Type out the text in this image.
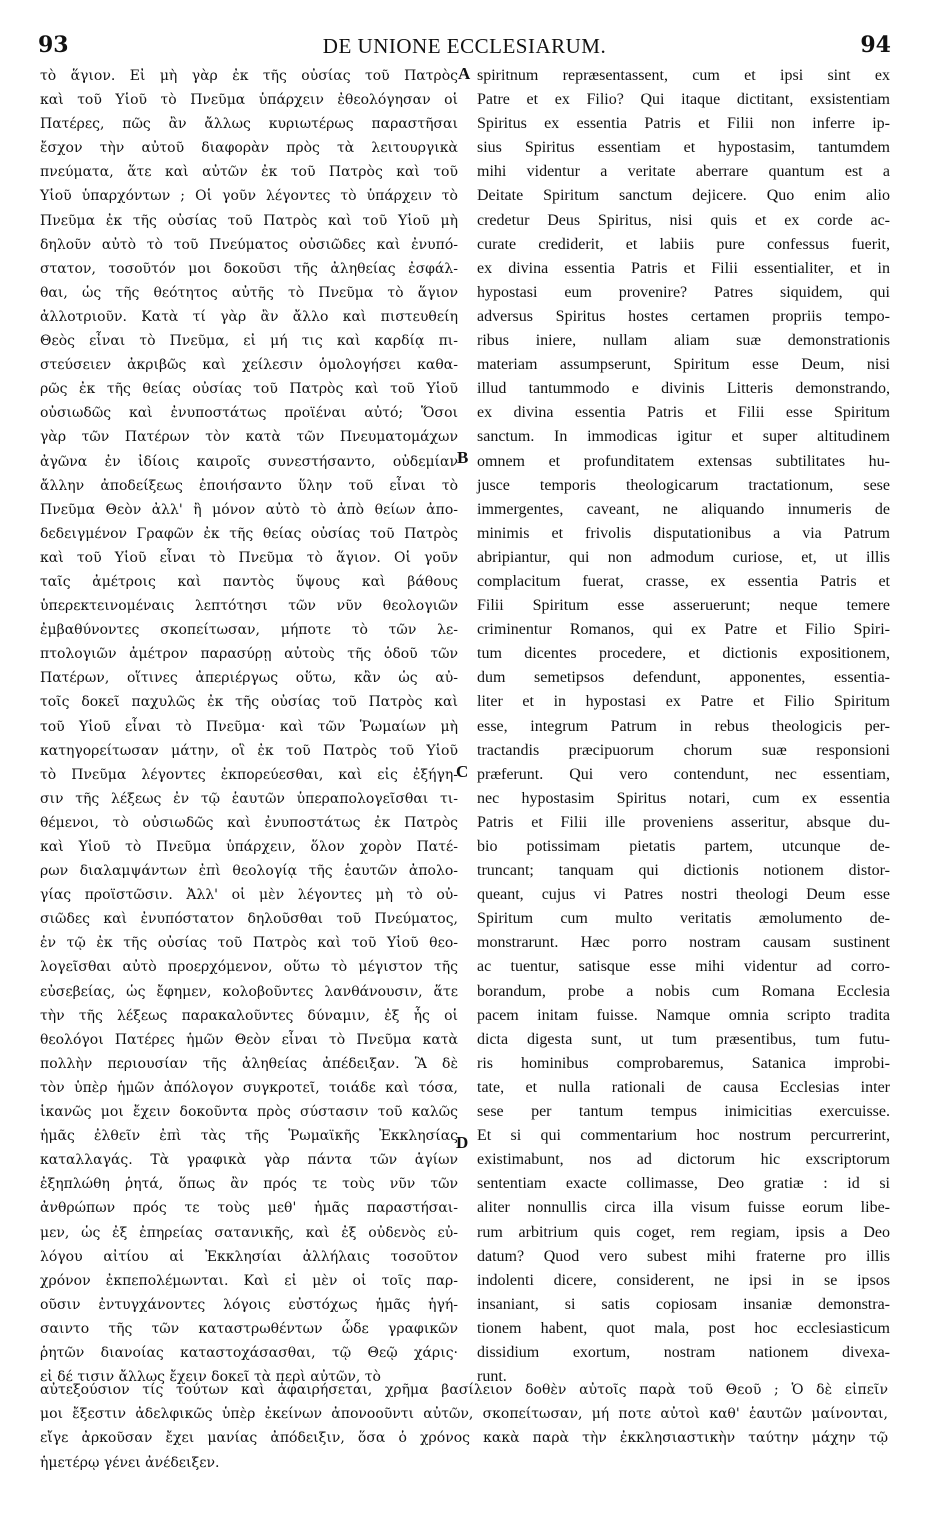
93	DE UNIONE ECCLESIARUM.	94
τὸ ἅγιον. Εἰ μὴ γὰρ ἐκ τῆς οὐσίας τοῦ Πατρὸς
καὶ τοῦ Υἱοῦ τὸ Πνεῦμα ὑπάρχειν ἐθεολόγησαν οἱ
Πατέρες, πῶς ἂν ἄλλως κυριωτέρως παραστῆσαι
ἔσχον τὴν αὐτοῦ διαφορὰν πρὸς τὰ λειτουργικὰ
πνεύματα, ἅτε καὶ αὐτῶν ἐκ τοῦ Πατρὸς καὶ τοῦ
Υἱοῦ ὑπαρχόντων ; Οἱ γοῦν λέγοντες τὸ ὑπάρχειν τὸ
Πνεῦμα ἐκ τῆς οὐσίας τοῦ Πατρὸς καὶ τοῦ Υἱοῦ μὴ
δηλοῦν αὐτὸ τὸ τοῦ Πνεύματος οὐσιῶδες καὶ ἐνυπό-
στατον, τοσοῦτόν μοι δοκοῦσι τῆς ἀληθείας ἐσφάλ-
θαι, ὡς τῆς θεότητος αὐτῆς τὸ Πνεῦμα τὸ ἅγιον
ἀλλοτριοῦν. Κατὰ τί γὰρ ἂν ἄλλο καὶ πιστευθείη
Θεὸς εἶναι τὸ Πνεῦμα, εἰ μή τις καὶ καρδίᾳ πι-
στεύσειεν ἀκριβῶς καὶ χείλεσιν ὁμολογήσει καθα-
ρῶς ἐκ τῆς θείας οὐσίας τοῦ Πατρὸς καὶ τοῦ Υἱοῦ
οὐσιωδῶς καὶ ἐνυποστάτως προϊέναι αὐτό; Ὅσοι
γὰρ τῶν Πατέρων τὸν κατὰ τῶν Πνευματομάχων
ἀγῶνα ἐν ἰδίοις καιροῖς συνεστήσαντο, οὐδεμίαν
ἄλλην ἀποδείξεως ἐποιήσαντο ὕλην τοῦ εἶναι τὸ
Πνεῦμα Θεὸν ἀλλ' ἢ μόνον αὐτὸ τὸ ἀπὸ θείων ἀπο-
δεδειγμένον Γραφῶν ἐκ τῆς θείας οὐσίας τοῦ Πατρὸς
καὶ τοῦ Υἱοῦ εἶναι τὸ Πνεῦμα τὸ ἅγιον. Οἱ γοῦν
ταῖς ἀμέτροις καὶ παντὸς ὕψους καὶ βάθους
ὑπερεκτεινομέναις λεπτότησι τῶν νῦν θεολογιῶν
ἐμβαθύνοντες σκοπείτωσαν, μήποτε τὸ τῶν λε-
πτολογιῶν ἀμέτρον παρασύρῃ αὐτοὺς τῆς ὁδοῦ τῶν
Πατέρων, οἵτινες ἀπεριέργως οὕτω, κἂν ὡς αὐ-
τοῖς δοκεῖ παχυλῶς ἐκ τῆς οὐσίας τοῦ Πατρὸς καὶ
τοῦ Υἱοῦ εἶναι τὸ Πνεῦμα· καὶ τῶν Ῥωμαίων μὴ
κατηγορείτωσαν μάτην, οἳ ἐκ τοῦ Πατρὸς τοῦ Υἱοῦ
τὸ Πνεῦμα λέγοντες ἐκπορεύεσθαι, καὶ εἰς ἐξήγη-
σιν τῆς λέξεως ἐν τῷ ἑαυτῶν ὑπεραπολογεῖσθαι τι-
θέμενοι, τὸ οὐσιωδῶς καὶ ἐνυποστάτως ἐκ Πατρὸς
καὶ Υἱοῦ τὸ Πνεῦμα ὑπάρχειν, ὅλον χορὸν Πατέ-
ρων διαλαμψάντων ἐπὶ θεολογίᾳ τῆς ἑαυτῶν ἀπολο-
γίας προϊστῶσιν. Ἀλλ' οἱ μὲν λέγοντες μὴ τὸ οὐ-
σιῶδες καὶ ἐνυπόστατον δηλοῦσθαι τοῦ Πνεύματος,
ἐν τῷ ἐκ τῆς οὐσίας τοῦ Πατρὸς καὶ τοῦ Υἱοῦ θεο-
λογεῖσθαι αὐτὸ προερχόμενον, οὕτω τὸ μέγιστον τῆς
εὐσεβείας, ὡς ἔφημεν, κολοβοῦντες λανθάνουσιν, ἅτε
τὴν τῆς λέξεως παρακαλοῦντες δύναμιν, ἐξ ἧς οἱ
θεολόγοι Πατέρες ἡμῶν Θεὸν εἶναι τὸ Πνεῦμα κατὰ
πολλὴν περιουσίαν τῆς ἀληθείας ἀπέδειξαν. Ἃ δὲ
τὸν ὑπὲρ ἡμῶν ἀπόλογον συγκροτεῖ, τοιάδε καὶ τόσα,
ἱκανῶς μοι ἔχειν δοκοῦντα πρὸς σύστασιν τοῦ καλῶς
ἡμᾶς ἐλθεῖν ἐπὶ τὰς τῆς Ῥωμαϊκῆς Ἐκκλησίας
καταλλαγάς. Τὰ γραφικὰ γὰρ πάντα τῶν ἁγίων
ἐξηπλώθη ῥητά, ὅπως ἂν πρός τε τοὺς νῦν τῶν
ἀνθρώπων πρός τε τοὺς μεθ' ἡμᾶς παραστήσαι-
μεν, ὡς ἐξ ἐπηρείας σατανικῆς, καὶ ἐξ οὐδενὸς εὐ-
λόγου αἰτίου αἱ Ἐκκλησίαι ἀλλήλαις τοσοῦτον
χρόνον ἐκπεπολέμωνται. Καὶ εἰ μὲν οἱ τοῖς παρ-
οῦσιν ἐντυγχάνοντες λόγοις εὐστόχως ἡμᾶς ἡγή-
σαιντο τῆς τῶν καταστρωθέντων ὧδε γραφικῶν
ῥητῶν διανοίας καταστοχάσασθαι, τῷ Θεῷ χάρις·
εἰ δέ τισιν ἄλλως ἔχειν δοκεῖ τὰ περὶ αὐτῶν, τὸ
spiritnum repræsentassent, cum et ipsi sint ex
Patre et ex Filio? Qui itaque dictitant, exsistentiam
Spiritus ex essentia Patris et Filii non inferre ip-
sius Spiritus essentiam et hypostasim, tantumdem
mihi videntur a veritate aberrare quantum est a
Deitate Spiritum sanctum dejicere. Quo enim alio
credetur Deus Spiritus, nisi quis et ex corde ac-
curate crediderit, et labiis pure confessus fuerit,
ex divina essentia Patris et Filii essentialiter, et in
hypostasi eum provenire? Patres siquidem, qui
adversus Spiritus hostes certamen propriis tempo-
ribus iniere, nullam aliam suæ demonstrationis
materiam assumpserunt, Spiritum esse Deum, nisi
illud tantummodo e divinis Litteris demonstrando,
ex divina essentia Patris et Filii esse Spiritum
sanctum. In immodicas igitur et super altitudinem
omnem et profunditatem extensas subtilitates hu-
jusce temporis theologicarum tractationum, sese
immergentes, caveant, ne aliquando innumeris de
minimis et frivolis disputationibus a via Patrum
abripiantur, qui non admodum curiose, et, ut illis
complacitum fuerat, crasse, ex essentia Patris et
Filii Spiritum esse asseruerunt; neque temere
criminentur Romanos, qui ex Patre et Filio Spiri-
tum dicentes procedere, et dictionis expositionem,
dum semetipsos defendunt, apponentes, essentia-
liter et in hypostasi ex Patre et Filio Spiritum
esse, integrum Patrum in rebus theologicis per-
tractandis præcipuorum chorum suæ responsioni
præferunt. Qui vero contendunt, nec essentiam,
nec hypostasim Spiritus notari, cum ex essentia
Patris et Filii ille proveniens asseritur, absque du-
bio potissimam pietatis partem, utcunque de-
truncant; tanquam qui dictionis notionem distor-
queant, cujus vi Patres nostri theologi Deum esse
Spiritum cum multo veritatis æmolumento de-
monstrarunt. Hæc porro nostram causam sustinent
ac tuentur, satisque esse mihi videntur ad corro-
borandum, probe a nobis cum Romana Ecclesia
pacem initam fuisse. Namque omnia scripto tradita
dicta digesta sunt, ut tum præsentibus, tum futu-
ris hominibus comprobaremus, Satanica improbi-
tate, et nulla rationali de causa Ecclesias inter
sese per tantum tempus inimicitias exercuisse.
Et si qui commentarium hoc nostrum percurrerint,
existimabunt, nos ad dictorum hic exscriptorum
sententiam exacte collimasse, Deo gratiæ : id si
aliter nonnullis circa illa visum fuisse eorum libe-
rum arbitrium quis coget, rem regiam, ipsis a Deo
datum? Quod vero subest mihi fraterne pro illis
indolenti dicere, considerent, ne ipsi in se ipsos
insaniant, si satis copiosam insaniæ demonstra-
tionem habent, quot mala, post hoc ecclesiasticum
dissidium exortum, nostram nationem divexa-
runt.
A
B
C
D
αὐτεξούσιον τίς τούτων καὶ ἀφαιρήσεται, χρῆμα βασίλειον δοθὲν αὐτοῖς παρὰ τοῦ Θεοῦ ; Ὁ δὲ εἰπεῖν
μοι ἔξεστιν ἀδελφικῶς ὑπὲρ ἐκείνων ἀπονοοῦντι αὐτῶν, σκοπείτωσαν, μή ποτε αὐτοὶ καθ' ἑαυτῶν μαίνονται,
εἴγε ἀρκοῦσαν ἔχει μανίας ἀπόδειξιν, ὅσα ὁ χρόνος κακὰ παρὰ τὴν ἐκκλησιαστικὴν ταύτην μάχην τῷ
ἡμετέρῳ γένει ἀνέδειξεν.
